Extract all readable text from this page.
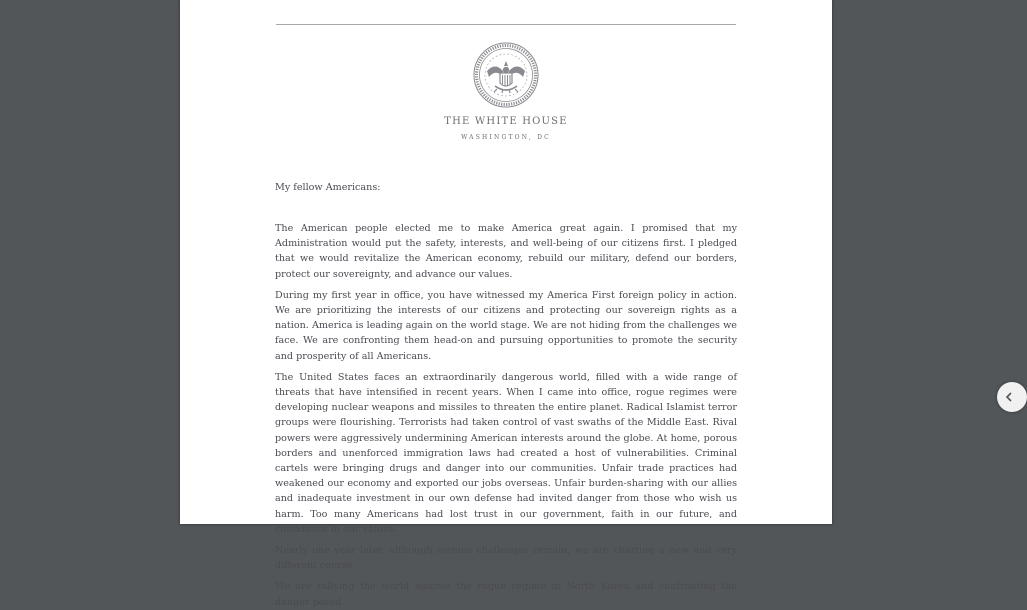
THE WHITE HOUSE
WASHINGTON, DC
My fellow Americans:

The American people elected me to make America great again. I promised that my Administration would put the safety, interests, and well-being of our citizens first. I pledged that we would revitalize the American economy, rebuild our military, defend our borders, protect our sovereignty, and advance our values.

During my first year in office, you have witnessed my America First foreign policy in action. We are prioritizing the interests of our citizens and protecting our sovereign rights as a nation. America is leading again on the world stage. We are not hiding from the challenges we face. We are confronting them head-on and pursuing opportunities to promote the security and prosperity of all Americans.

The United States faces an extraordinarily dangerous world, filled with a wide range of threats that have intensified in recent years. When I came into office, rogue regimes were developing nuclear weapons and missiles to threaten the entire planet. Radical Islamist terror groups were flourishing. Terrorists had taken control of vast swaths of the Middle East. Rival powers were aggressively undermining American interests around the globe. At home, porous borders and unenforced immigration laws had created a host of vulnerabilities. Criminal cartels were bringing drugs and danger into our communities. Unfair trade practices had weakened our economy and exported our jobs overseas. Unfair burden-sharing with our allies and inadequate investment in our own defense had invited danger from those who wish us harm. Too many Americans had lost trust in our government, faith in our future, and confidence in our values.

Nearly one year later, although serious challenges remain, we are charting a new and very different course.

We are rallying the world against the rogue regime in North Korea and confronting the danger posed
